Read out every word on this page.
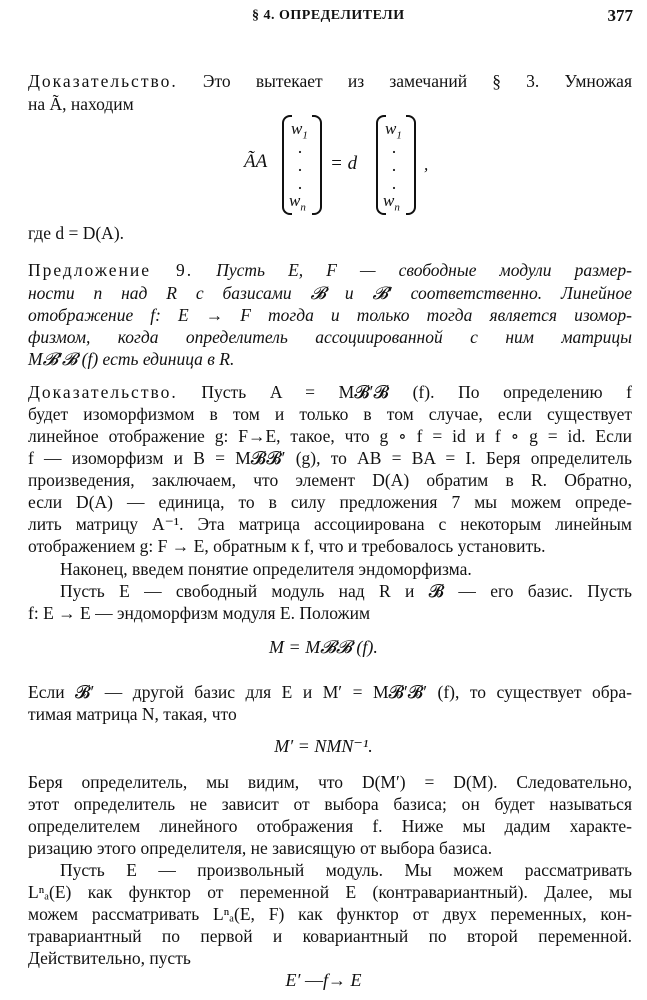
§ 4. ОПРЕДЕЛИТЕЛИ	377
Доказательство. Это вытекает из замечаний § 3. Умножая
на Ã, находим
ÃA
$w_1$
·
·
·
$w_n$
= d
$w_1$
·
·
·
$w_n$
,
где d = D(A).
Предложение 9. Пусть E, F — свободные модули размер-
ности n над R с базисами 𝓑 и 𝓑′ соответственно. Линейное
отображение f: E → F тогда и только тогда является изомор-
физмом, когда определитель ассоциированной с ним матрицы
M𝓑′𝓑 (f) есть единица в R.
Доказательство. Пусть A = M𝓑′𝓑 (f). По определению f
будет изоморфизмом в том и только в том случае, если существует
линейное отображение g: F→E, такое, что g ∘ f = id и f ∘ g = id. Если
f — изоморфизм и B = M𝓑𝓑′ (g), то AB = BA = I. Беря определитель
произведения, заключаем, что элемент D(A) обратим в R. Обратно,
если D(A) — единица, то в силу предложения 7 мы можем опреде-
лить матрицу A⁻¹. Эта матрица ассоциирована с некоторым линейным
отображением g: F → E, обратным к f, что и требовалось установить.
Наконец, введем понятие определителя эндоморфизма.
Пусть E — свободный модуль над R и 𝓑 — его базис. Пусть
f: E → E — эндоморфизм модуля E. Положим
M = M𝓑𝓑 (f).
Если 𝓑′ — другой базис для E и M′ = M𝓑′𝓑′ (f), то существует обра-
тимая матрица N, такая, что
M′ = NMN⁻¹.
Беря определитель, мы видим, что D(M′) = D(M). Следовательно,
этот определитель не зависит от выбора базиса; он будет называться
определителем линейного отображения f. Ниже мы дадим характе-
ризацию этого определителя, не зависящую от выбора базиса.
Пусть E — произвольный модуль. Мы можем рассматривать
Lⁿₐ(E) как функтор от переменной E (контравариантный). Далее, мы
можем рассматривать Lⁿₐ(E, F) как функтор от двух переменных, кон-
травариантный по первой и ковариантный по второй переменной.
Действительно, пусть
E′ ―f→ E
